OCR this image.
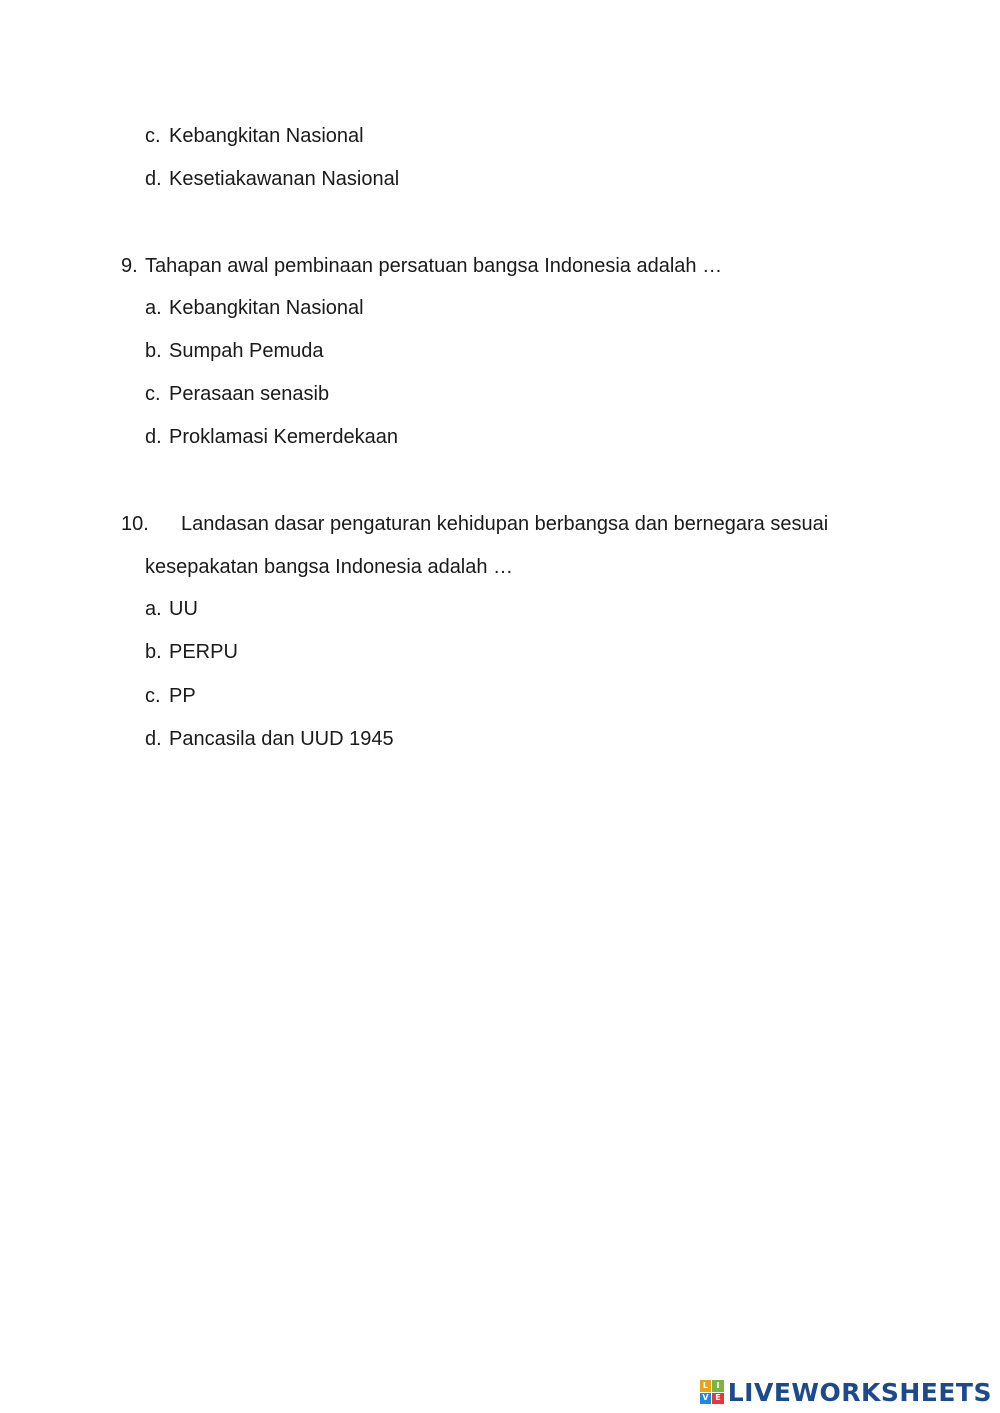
c. Kebangkitan Nasional
d. Kesetiakawanan Nasional
9. Tahapan awal pembinaan persatuan bangsa Indonesia adalah …
a. Kebangkitan Nasional
b. Sumpah Pemuda
c. Perasaan senasib
d. Proklamasi Kemerdekaan
10. Landasan dasar pengaturan kehidupan berbangsa dan bernegara sesuai
kesepakatan bangsa Indonesia adalah …
a. UU
b. PERPU
c. PP
d. Pancasila dan UUD 1945
L	I
V E LIVEWORKSHEETS
